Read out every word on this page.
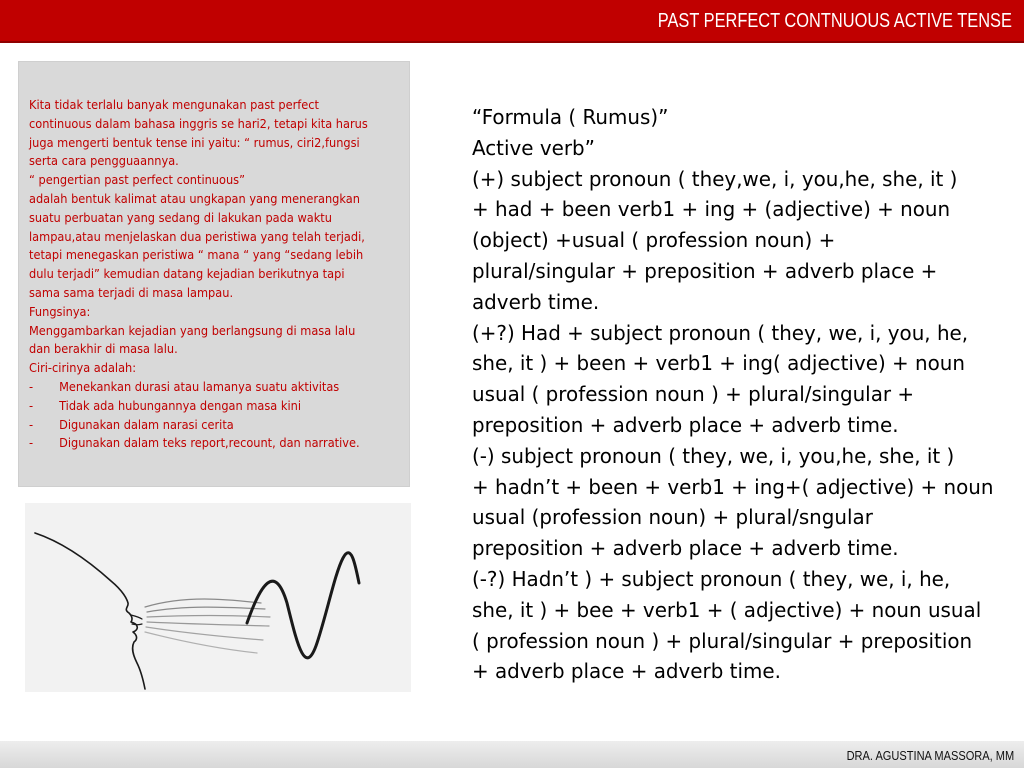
PAST PERFECT CONTNUOUS ACTIVE TENSE

Kita tidak terlalu banyak mengunakan past perfect

continuous dalam bahasa inggris se hari2, tetapi kita harus

juga mengerti bentuk tense ini yaitu: “ rumus, ciri2,fungsi

serta cara pengguaannya.

“ pengertian past perfect continuous”

adalah bentuk kalimat atau ungkapan yang menerangkan

suatu perbuatan yang sedang di lakukan pada waktu

lampau,atau menjelaskan dua peristiwa yang telah terjadi,

tetapi menegaskan peristiwa “ mana “ yang “sedang lebih

dulu terjadi” kemudian datang kejadian berikutnya tapi

sama sama terjadi di masa lampau.

Fungsinya:

Menggambarkan kejadian yang berlangsung di masa lalu

dan berakhir di masa lalu.

Ciri-cirinya adalah:

-	Menekankan durasi atau lamanya suatu aktivitas

-	Tidak ada hubungannya dengan masa kini

-	Digunakan dalam narasi cerita

-	Digunakan dalam teks report,recount, dan narrative.

“Formula ( Rumus)”

Active verb”

(+) subject pronoun ( they,we, i, you,he, she, it )

+ had + been verb1 + ing + (adjective) + noun

(object) +usual ( profession noun) +

plural/singular + preposition + adverb place +

adverb time.

(+?) Had + subject pronoun ( they, we, i, you, he,

she, it ) + been + verb1 + ing( adjective) + noun

usual ( profession noun ) + plural/singular +

preposition + adverb place + adverb time.

(-) subject pronoun ( they, we, i, you,he, she, it )

+ hadn’t + been + verb1 + ing+( adjective) + noun

usual (profession noun) + plural/sngular

preposition + adverb place + adverb time.

(-?) Hadn’t ) + subject pronoun ( they, we, i, he,

she, it ) + bee + verb1 + ( adjective) + noun usual

( profession noun ) + plural/singular + preposition

+ adverb place + adverb time.

DRA. AGUSTINA MASSORA, MM
